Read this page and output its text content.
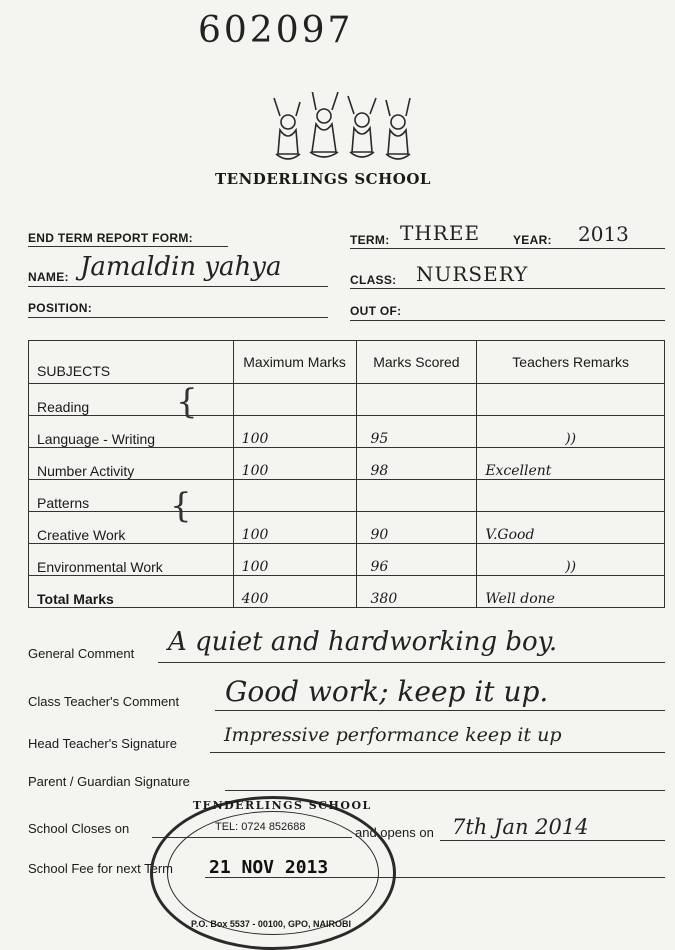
602097
TENDERLINGS SCHOOL
END TERM REPORT FORM:	TERM: THREE	YEAR: 2013
NAME: Jamaldin yahya	CLASS: NURSERY
POSITION:	OUT OF:
SUBJECTS	Maximum Marks	Marks Scored	Teachers Remarks
Reading			
Language - Writing	100	95	))
Number Activity	100	98	Excellent
Patterns			
Creative Work	100	90	V.Good
Environmental Work	100	96	))
Total Marks	400	380	Well done
{
{
General Comment A quiet and hardworking boy.
Class Teacher's Comment Good work; keep it up.
Head Teacher's Signature Impressive performance keep it up
Parent / Guardian Signature
School Closes on	and opens on 7th Jan 2014
School Fee for next Term
TENDERLINGS SCHOOL
TEL: 0724 852688
21 NOV 2013
P.O. Box 5537 - 00100, GPO, NAIROBI
